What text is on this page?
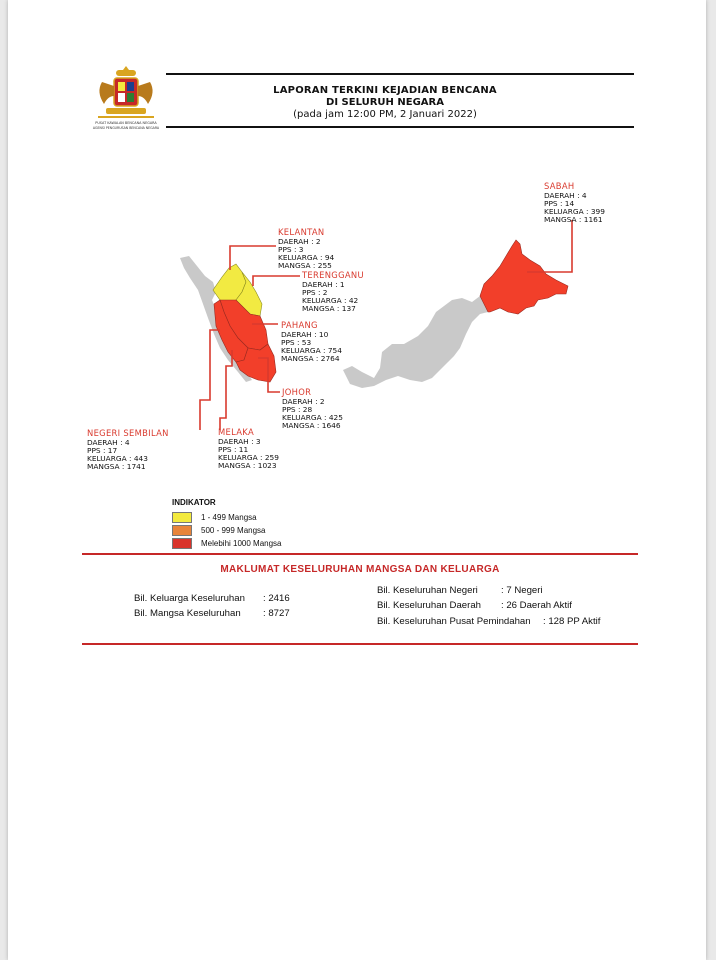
PUSAT KAWALAN BENCANA NEGARA
AGENSI PENGURUSAN BENCANA NEGARA
LAPORAN TERKINI KEJADIAN BENCANA
DI SELURUH NEGARA
(pada jam 12:00 PM, 2 Januari 2022)
SABAH
DAERAH : 4
PPS : 14
KELUARGA : 399
MANGSA : 1161
KELANTAN
DAERAH : 2
PPS : 3
KELUARGA : 94
MANGSA : 255
TERENGGANU
DAERAH : 1
PPS : 2
KELUARGA : 42
MANGSA : 137
PAHANG
DAERAH : 10
PPS : 53
KELUARGA : 754
MANGSA : 2764
JOHOR
DAERAH : 2
PPS : 28
KELUARGA : 425
MANGSA : 1646
NEGERI SEMBILAN
DAERAH : 4
PPS : 17
KELUARGA : 443
MANGSA : 1741
MELAKA
DAERAH : 3
PPS : 11
KELUARGA : 259
MANGSA : 1023
INDIKATOR
1 - 499 Mangsa
500 - 999 Mangsa
Melebihi 1000 Mangsa
MAKLUMAT KESELURUHAN MANGSA DAN KELUARGA
Bil. Keluarga Keseluruhan : 2416
Bil. Mangsa Keseluruhan : 8727
Bil. Keseluruhan Negeri : 7 Negeri
Bil. Keseluruhan Daerah : 26 Daerah Aktif
Bil. Keseluruhan Pusat Pemindahan : 128 PP Aktif
